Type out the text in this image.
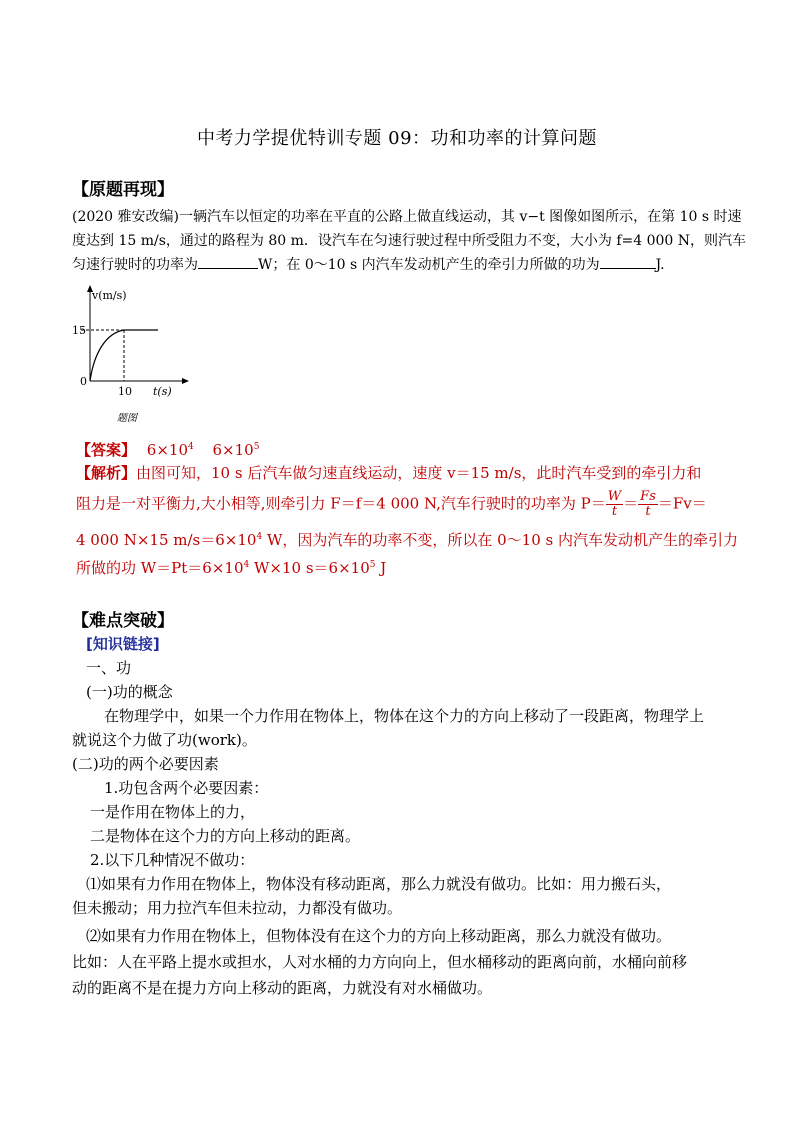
中考力学提优特训专题 09：功和功率的计算问题
【原题再现】
(2020 雅安改编)一辆汽车以恒定的功率在平直的公路上做直线运动，其 v−t 图像如图所示，在第 10 s 时速
度达到 15 m/s，通过的路程为 80 m．设汽车在匀速行驶过程中所受阻力不变，大小为 f=4 000 N，则汽车
匀速行驶时的功率为	W；在 0～10 s 内汽车发动机产生的牵引力所做的功为	J.
v(m/s)
t(s)
15
10
0
题图
【答案】 $6\times 10^4$ $6\times 10^5$
【解析】由图可知，10 s 后汽车做匀速直线运动，速度 v＝15 m/s，此时汽车受到的牵引力和
阻力是一对平衡力,大小相等,则牵引力 F＝f＝4 000 N,汽车行驶时的功率为 $P= \frac{W}{t} = \frac{Fs}{t} =Fv=$
4 000 N×15 $m/s=6\times 10^4$ W，因为汽车的功率不变，所以在 0～10 s 内汽车发动机产生的牵引力
所做的功 $W=Pt=6\times 10^4$ W×10 $s=6\times 10^5$ J
【难点突破】
[知识链接]
一、功
(一)功的概念
在物理学中，如果一个力作用在物体上，物体在这个力的方向上移动了一段距离，物理学上
就说这个力做了功(work)。
(二)功的两个必要因素
1.功包含两个必要因素：
一是作用在物体上的力，
二是物体在这个力的方向上移动的距离。
2.以下几种情况不做功：
⑴如果有力作用在物体上，物体没有移动距离，那么力就没有做功。比如：用力搬石头，
但未搬动；用力拉汽车但未拉动，力都没有做功。
⑵如果有力作用在物体上，但物体没有在这个力的方向上移动距离，那么力就没有做功。
比如：人在平路上提水或担水，人对水桶的力方向向上，但水桶移动的距离向前，水桶向前移
动的距离不是在提力方向上移动的距离，力就没有对水桶做功。
